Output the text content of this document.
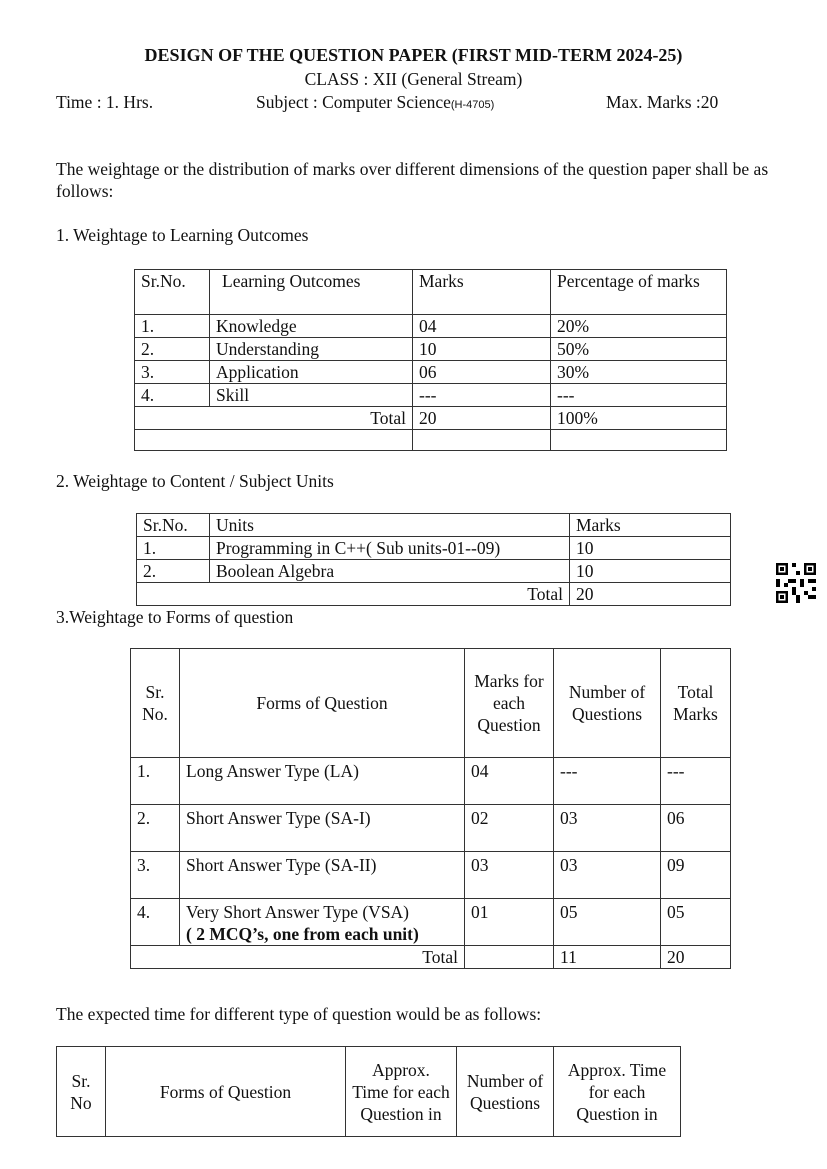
DESIGN OF THE QUESTION PAPER (FIRST MID-TERM 2024-25)
CLASS : XII (General Stream)
Time : 1. Hrs.	Subject : Computer Science(H-4705)	Max. Marks :20
The weightage or the distribution of marks over different dimensions of the question paper shall be as follows:
1. Weightage to Learning Outcomes
Sr.No.	Learning Outcomes	Marks	Percentage of marks
1.	Knowledge	04	20%
2.	Understanding	10	50%
3.	Application	06	30%
4.	Skill	---	---
Total		20	100%

2. Weightage to Content / Subject Units
Sr.No.	Units	Marks
1.	Programming in C++( Sub units-01--09)	10
2.	Boolean Algebra	10
Total		20
3.Weightage to Forms of question
Sr. No.	Forms of Question	Marks for each Question	Number of Questions	Total Marks
1.	Long Answer Type (LA)	04	---	---
2.	Short Answer Type (SA-I)	02	03	06
3.	Short Answer Type (SA-II)	03	03	09
4.	Very Short Answer Type (VSA)
( 2 MCQ’s, one from each unit)	01	05	05
Total			11	20
The expected time for different type of question would be as follows:
Sr. No	Forms of Question	Approx. Time for each Question in	Number of Questions	Approx. Time for each Question in
